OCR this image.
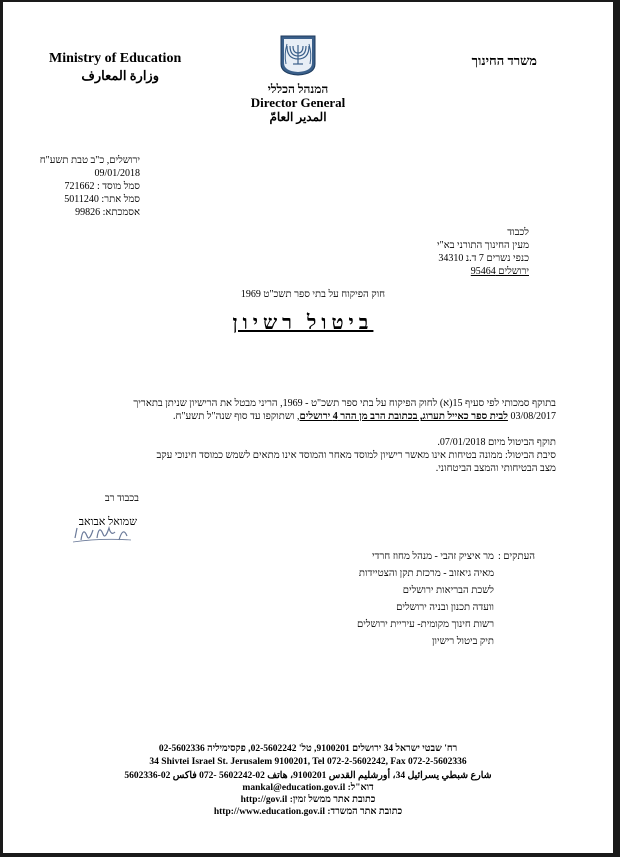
Ministry of Education
وزارة المعارف
משרד החינוך
המנהל הכללי
Director General
المدير العامّ
ירושלים, כ"ב טבת תשע"ח
09/01/2018
סמל מוסד : 721662
סמל אתר: 5011240
אסמכתא: 99826
לכבוד
מעין החינוך התורני בא"י
כנפי נשרים 7 ד.נ 34310
ירושלים 95464
חוק הפיקוח על בתי ספר תשכ"ט 1969
ביטול רשיון
בתוקף סמכותי לפי סעיף 15(א) לחוק הפיקוח על בתי ספר תשכ"ט - 1969, הריני מבטל את הרישיון שניתן בתאריך
03/08/2017 לבית ספר כאייל תערוג, בכתובת הרב מן ההר 4 ירושלים, ושתוקפו עד סוף שנה"ל תשע"ח.
תוקף הביטול מיום 07/01/2018.
סיבת הביטול: ממונה בטיחות אינו מאשר רישיון למוסד מאחר והמוסד אינו מתאים לשמש כמוסד חינוכי עקב
מצב הבטיחותי והמצב הביטחוני.
בכבוד רב
שמואל אבואב
העתקים :
מר איציק זהבי - מנהל מחוז חרדי
מאיה גיאזוב - מרכזת תקן והצטיידות
לשכת הבריאות ירושלים
וועדה תכנון ובניה ירושלים
רשות חינוך מקומית- עיריית ירושלים
תיק ביטול רישיון
רח' שבטי ישראל 34 ירושלים 9100201, טל' 02-5602242, פקסימיליה 02-5602336
34 Shivtei Israel St. Jerusalem 9100201, Tel 072-2-5602242, Fax 072-2-5602336
شارع شبطي يسرائيل 34، أورشليم القدس 9100201، هاتف 02-5602242 -072 فاكس 02-5602336
mankal@education.gov.il דוא"ל:
http://gov.il כתובת אתר ממשל זמין:
http://www.education.gov.il כתובת אתר המשרד:
